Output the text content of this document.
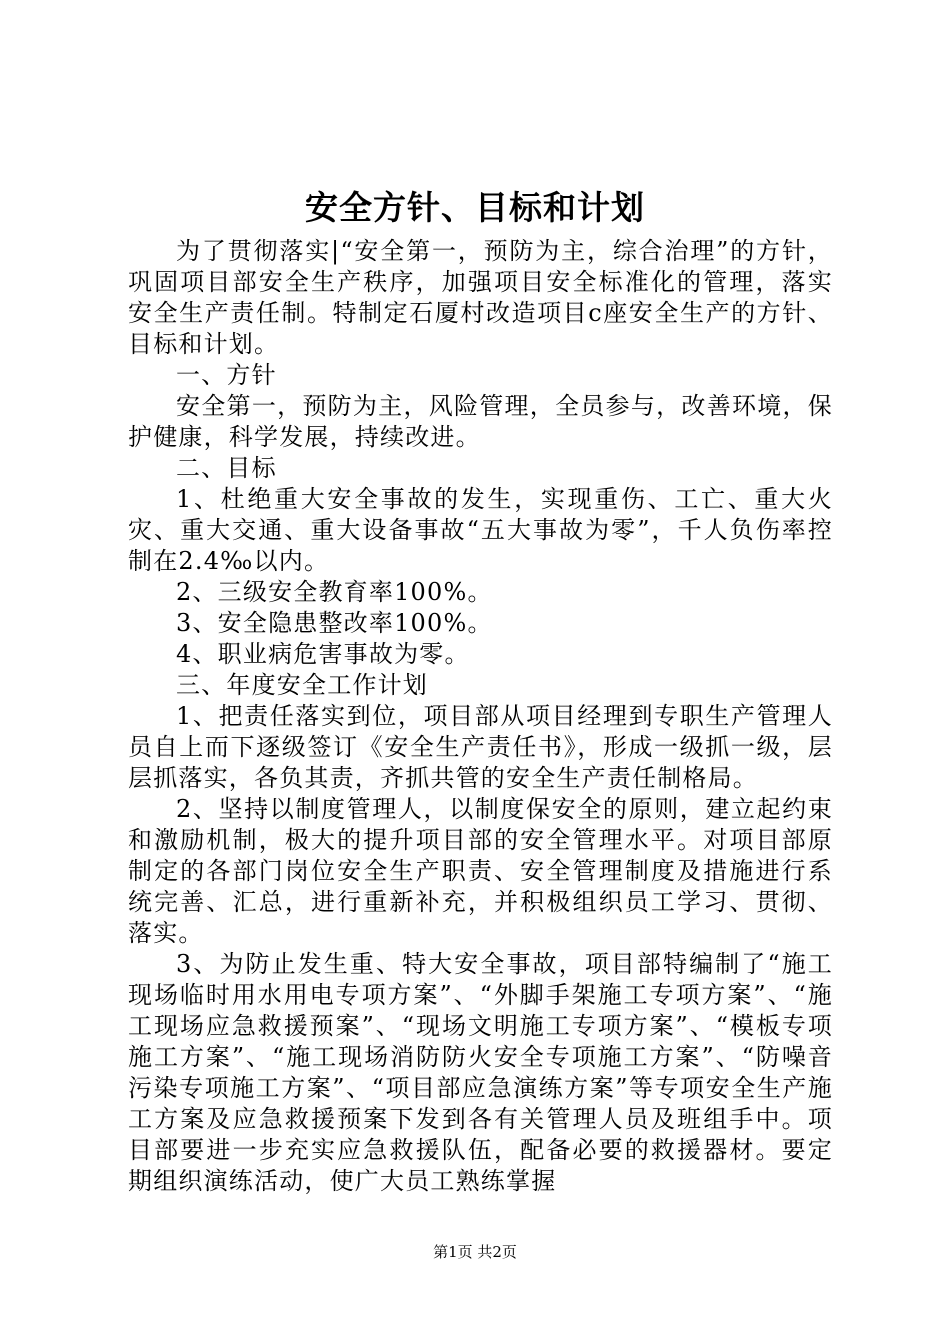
安全方针、目标和计划

为了贯彻落实|“安全第一，预防为主，综合治理”的方针，巩固项目部安全生产秩序，加强项目安全标准化的管理，落实安全生产责任制。特制定石厦村改造项目c座安全生产的方针、目标和计划。

一、方针

安全第一，预防为主，风险管理，全员参与，改善环境，保护健康，科学发展，持续改进。

二、目标

1、杜绝重大安全事故的发生，实现重伤、工亡、重大火灾、重大交通、重大设备事故“五大事故为零”，千人负伤率控制在2.4‰以内。

2、三级安全教育率100%。

3、安全隐患整改率100%。

4、职业病危害事故为零。

三、年度安全工作计划

1、把责任落实到位，项目部从项目经理到专职生产管理人员自上而下逐级签订《安全生产责任书》，形成一级抓一级，层层抓落实，各负其责，齐抓共管的安全生产责任制格局。

2、坚持以制度管理人，以制度保安全的原则，建立起约束和激励机制，极大的提升项目部的安全管理水平。对项目部原制定的各部门岗位安全生产职责、安全管理制度及措施进行系统完善、汇总，进行重新补充，并积极组织员工学习、贯彻、落实。

3、为防止发生重、特大安全事故，项目部特编制了“施工现场临时用水用电专项方案”、“外脚手架施工专项方案”、“施工现场应急救援预案”、“现场文明施工专项方案”、“模板专项施工方案”、“施工现场消防防火安全专项施工方案”、“防噪音污染专项施工方案”、“项目部应急演练方案”等专项安全生产施工方案及应急救援预案下发到各有关管理人员及班组手中。项目部要进一步充实应急救援队伍，配备必要的救援器材。要定期组织演练活动，使广大员工熟练掌握

第1页 共2页
